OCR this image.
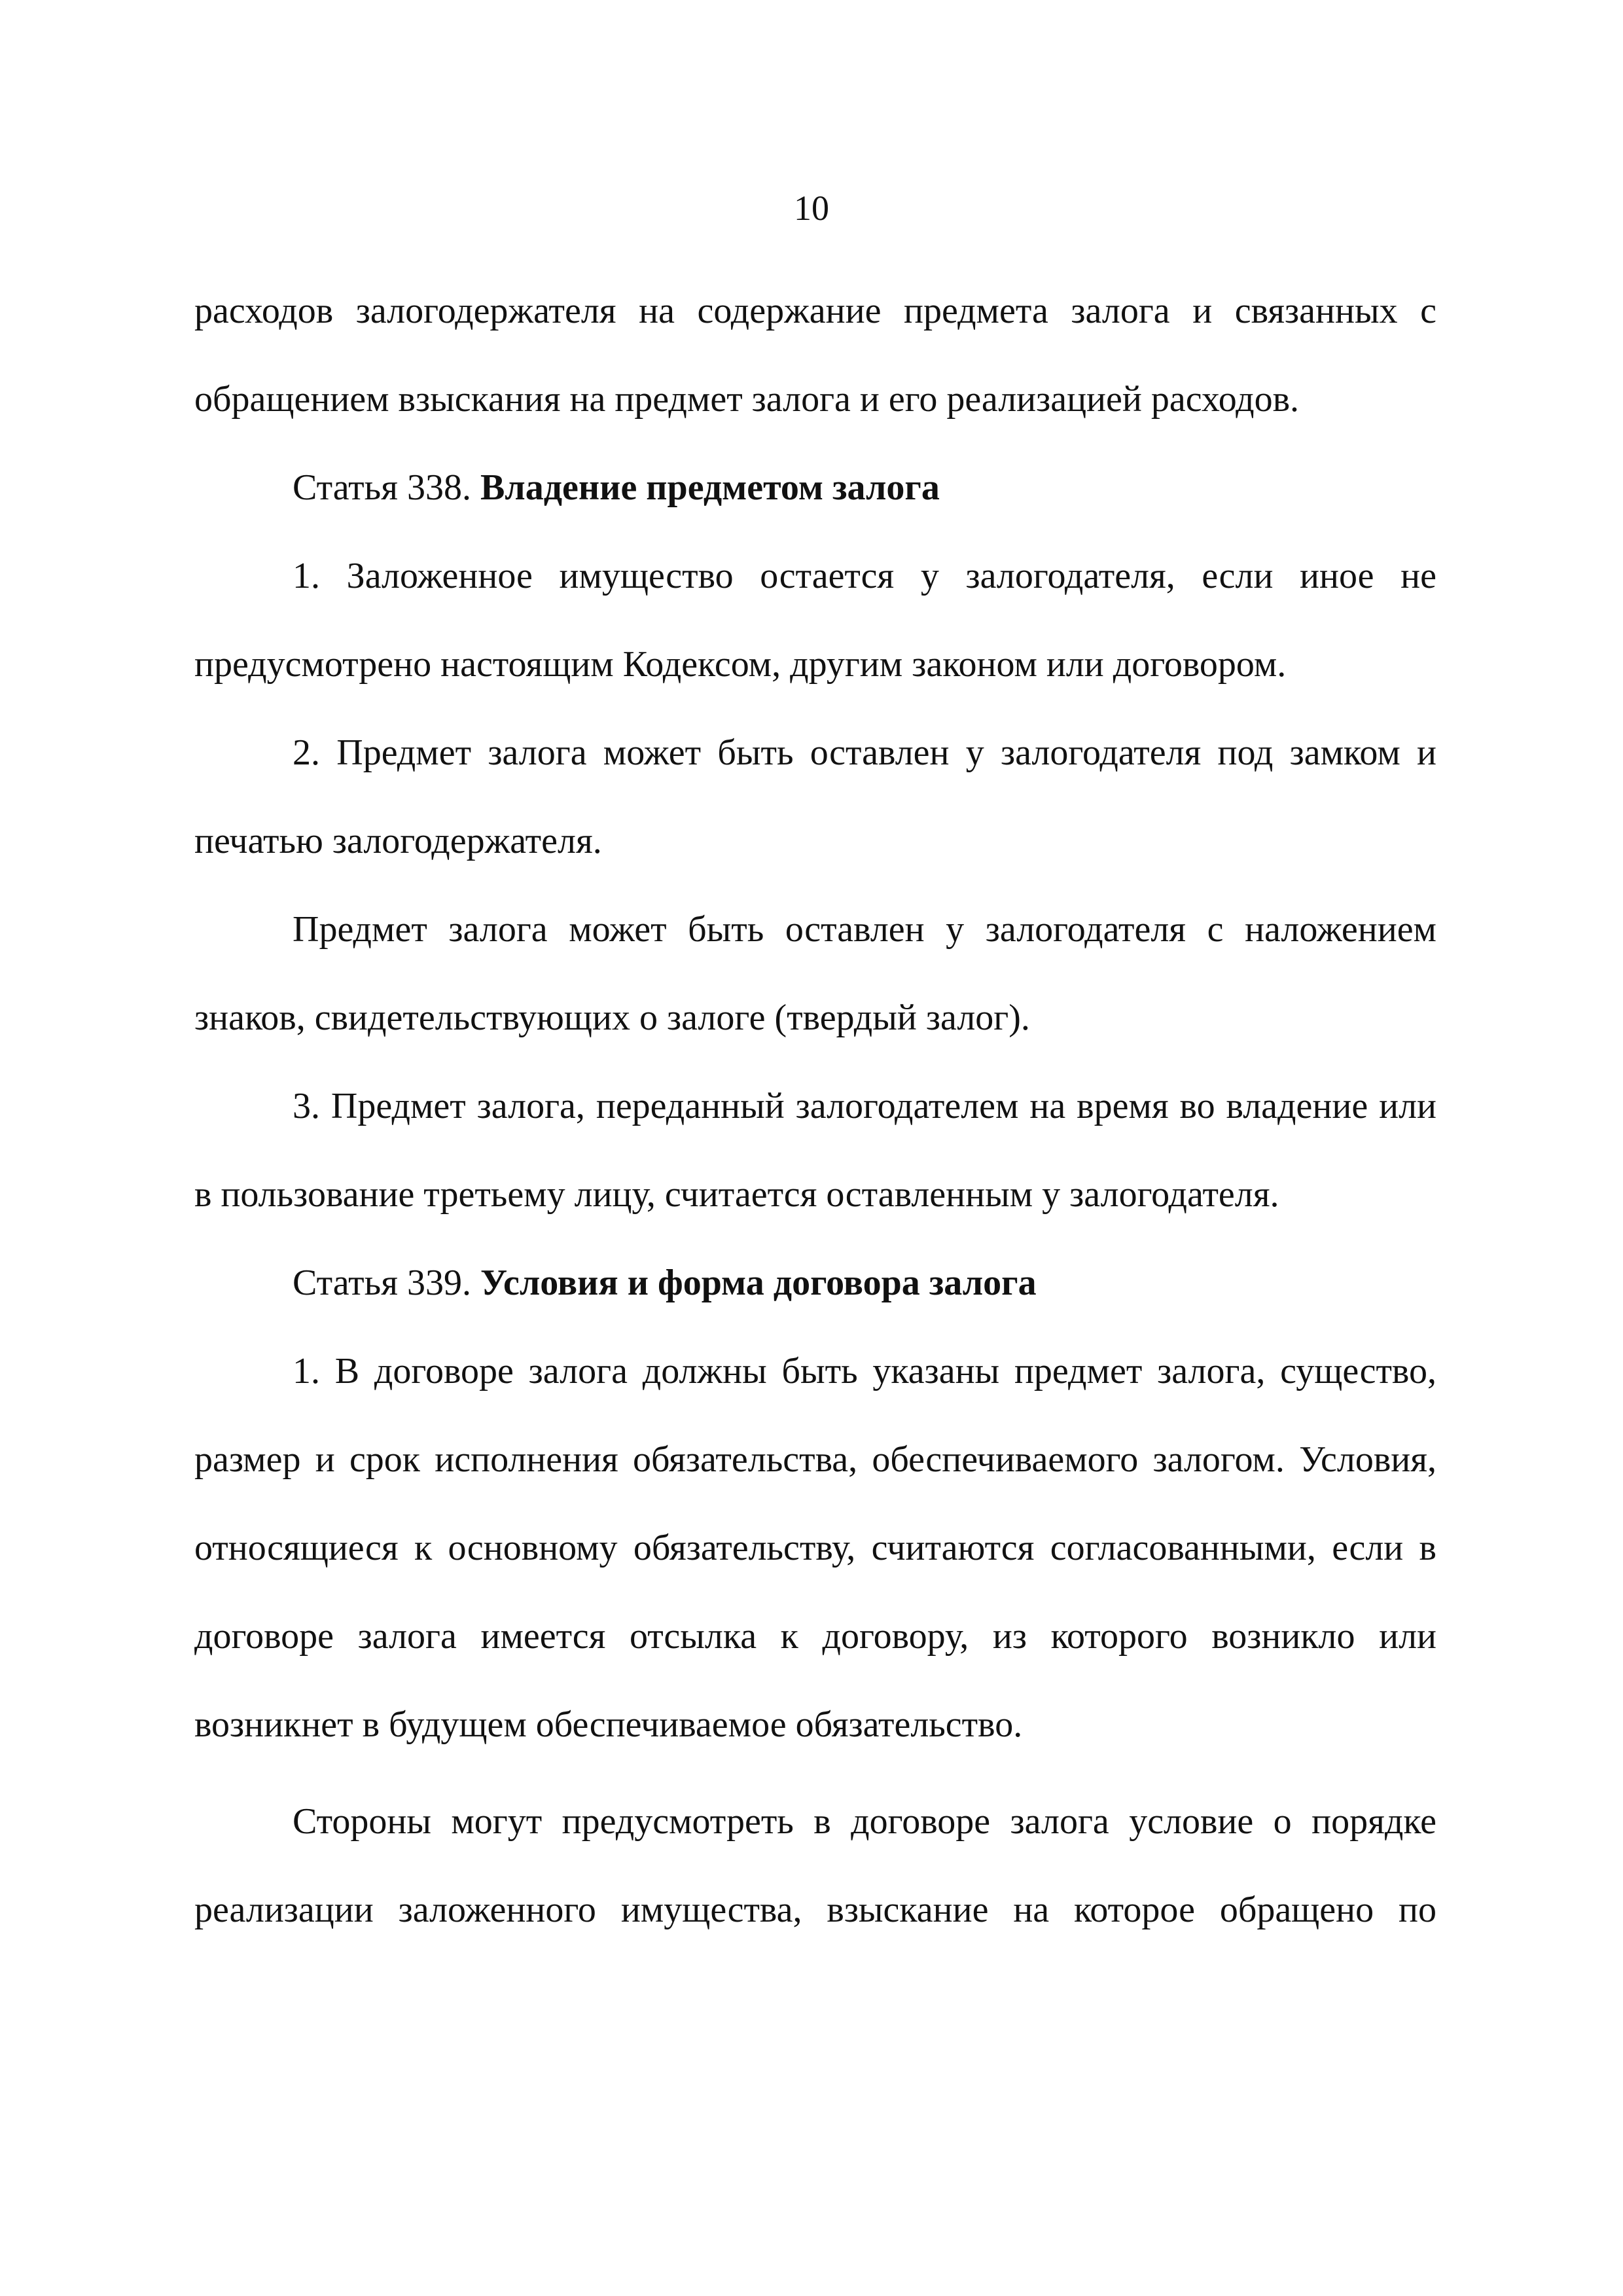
10

расходов залогодержателя на содержание предмета залога и связанных с обращением взыскания на предмет залога и его реализацией расходов.

Статья 338. Владение предметом залога

1. Заложенное имущество остается у залогодателя, если иное не предусмотрено настоящим Кодексом, другим законом или договором.

2. Предмет залога может быть оставлен у залогодателя под замком и печатью залогодержателя.

Предмет залога может быть оставлен у залогодателя с наложением знаков, свидетельствующих о залоге (твердый залог).

3. Предмет залога, переданный залогодателем на время во владение или в пользование третьему лицу, считается оставленным у залогодателя.

Статья 339. Условия и форма договора залога

1. В договоре залога должны быть указаны предмет залога, существо, размер и срок исполнения обязательства, обеспечиваемого залогом. Условия, относящиеся к основному обязательству, считаются согласованными, если в договоре залога имеется отсылка к договору, из которого возникло или возникнет в будущем обеспечиваемое обязательство.

Стороны могут предусмотреть в договоре залога условие о порядке реализации заложенного имущества, взыскание на которое обращено по
